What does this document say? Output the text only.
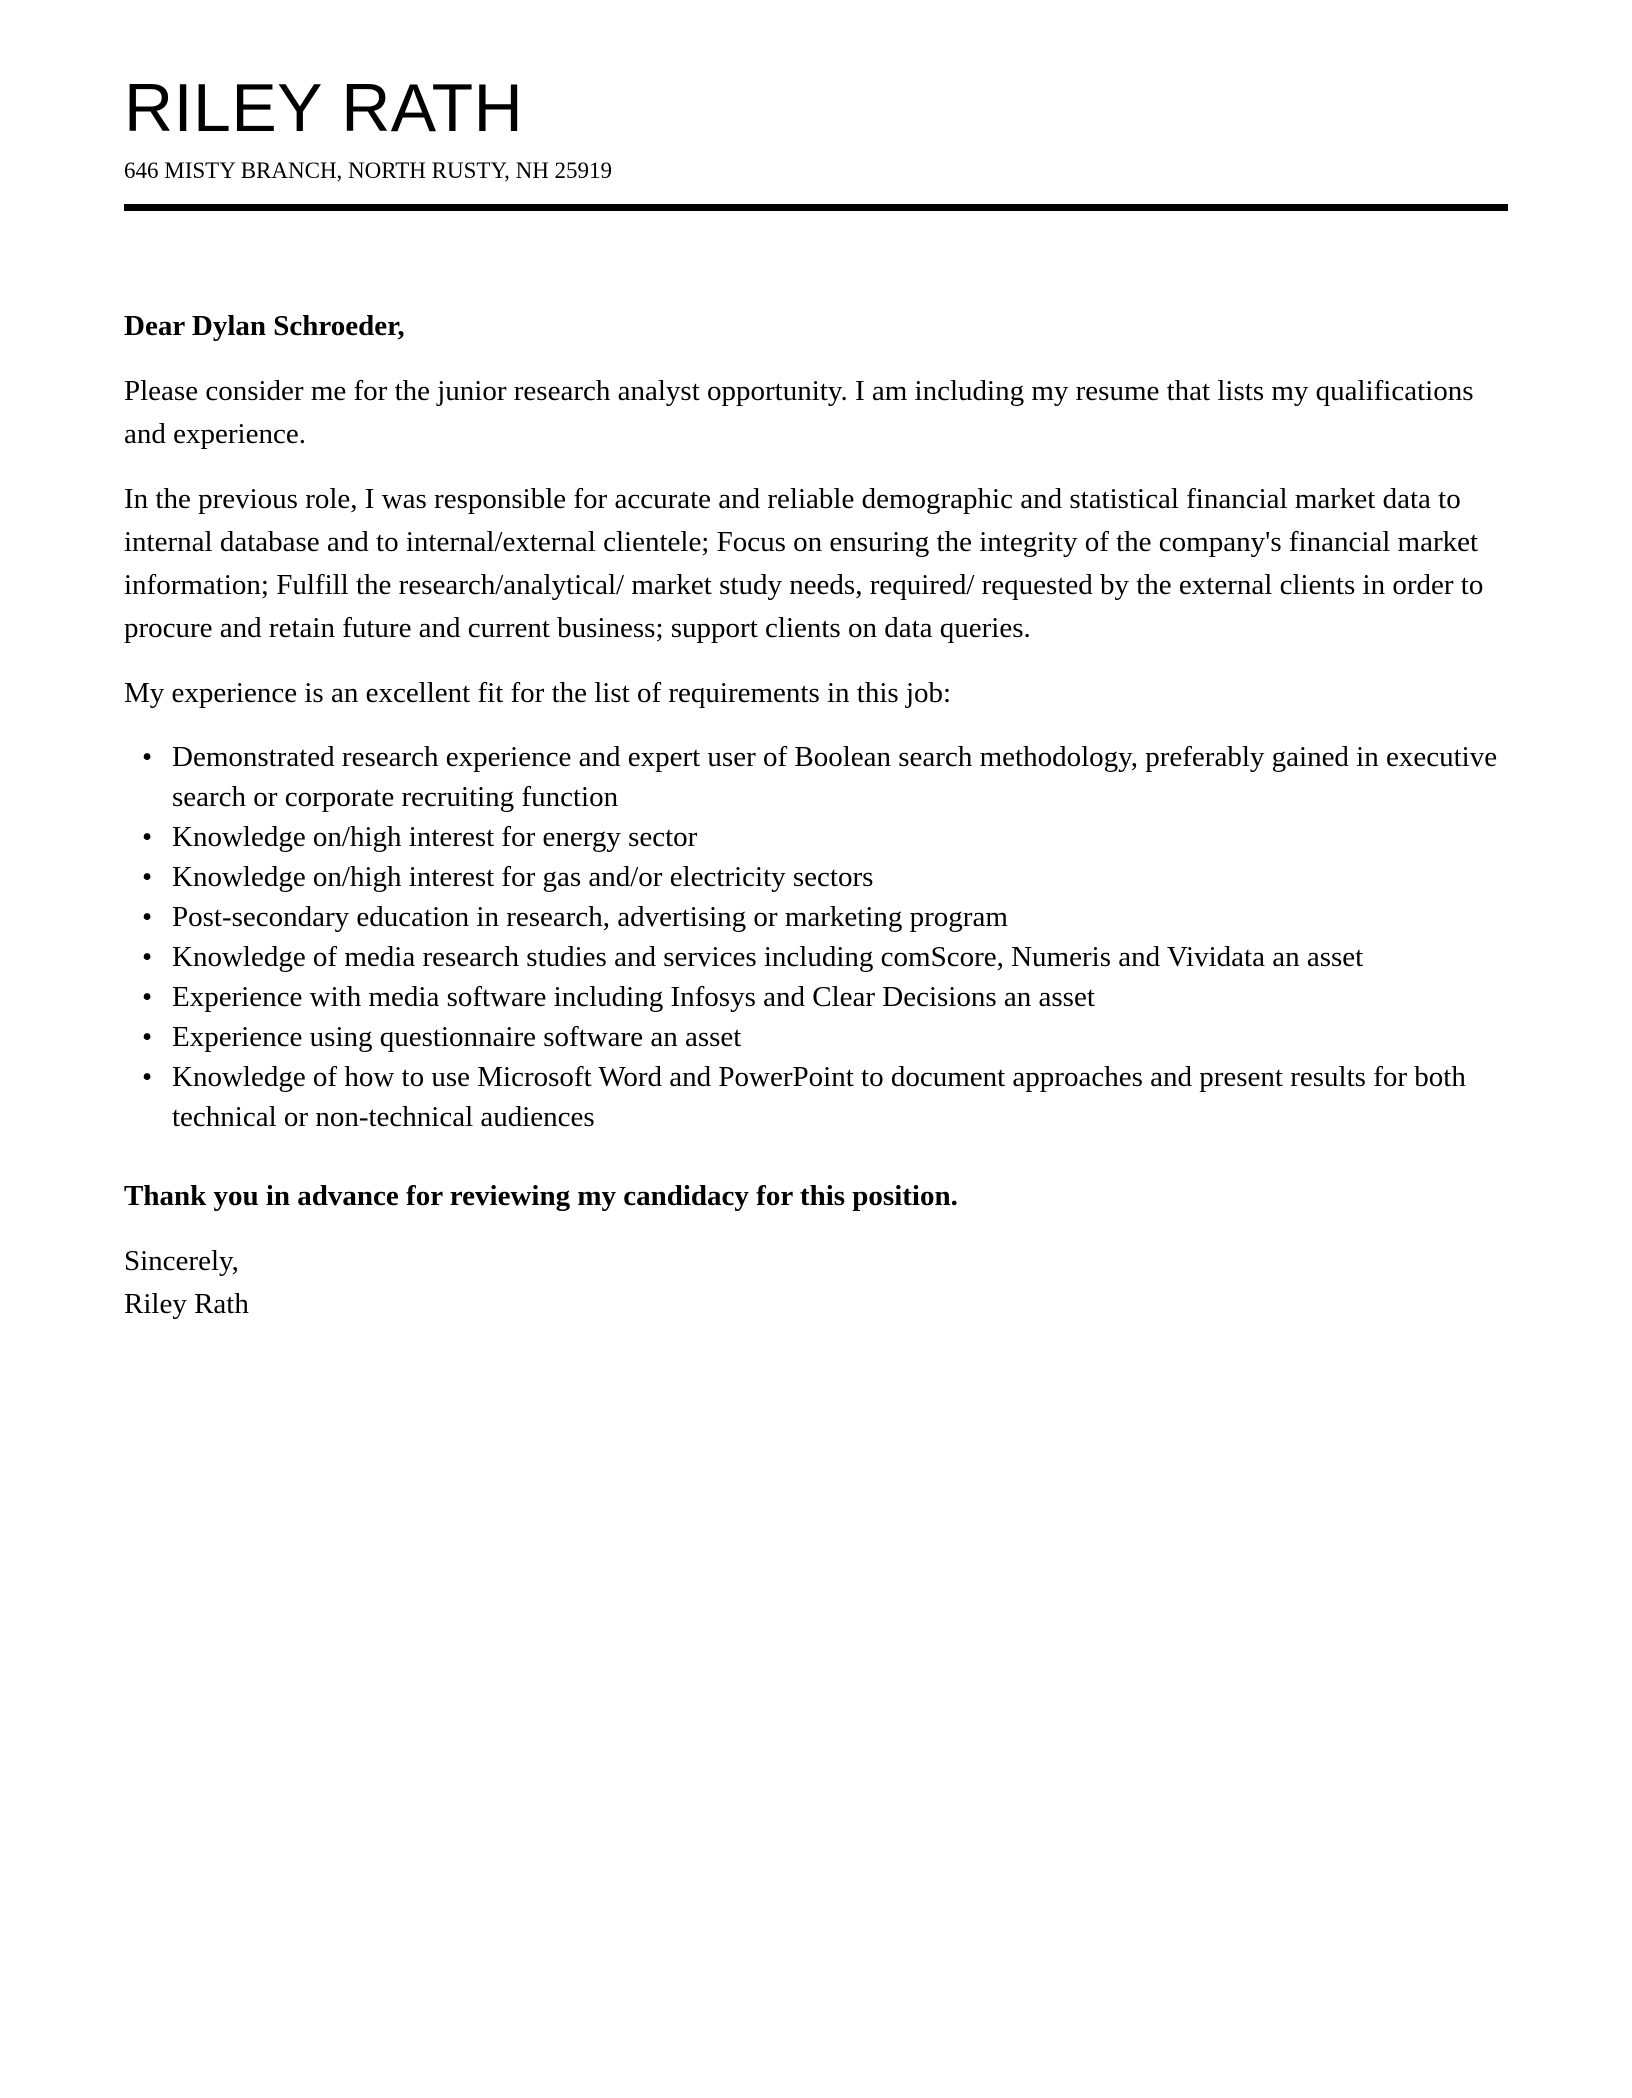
RILEY RATH
646 MISTY BRANCH, NORTH RUSTY, NH 25919

Dear Dylan Schroeder,

Please consider me for the junior research analyst opportunity. I am including my resume that lists my qualifications and experience.

In the previous role, I was responsible for accurate and reliable demographic and statistical financial market data to internal database and to internal/external clientele; Focus on ensuring the integrity of the company's financial market information; Fulfill the research/analytical/ market study needs, required/ requested by the external clients in order to procure and retain future and current business; support clients on data queries.

My experience is an excellent fit for the list of requirements in this job:

• Demonstrated research experience and expert user of Boolean search methodology, preferably gained in executive search or corporate recruiting function
• Knowledge on/high interest for energy sector
• Knowledge on/high interest for gas and/or electricity sectors
• Post-secondary education in research, advertising or marketing program
• Knowledge of media research studies and services including comScore, Numeris and Vividata an asset
• Experience with media software including Infosys and Clear Decisions an asset
• Experience using questionnaire software an asset
• Knowledge of how to use Microsoft Word and PowerPoint to document approaches and present results for both technical or non-technical audiences

Thank you in advance for reviewing my candidacy for this position.

Sincerely,

Riley Rath
